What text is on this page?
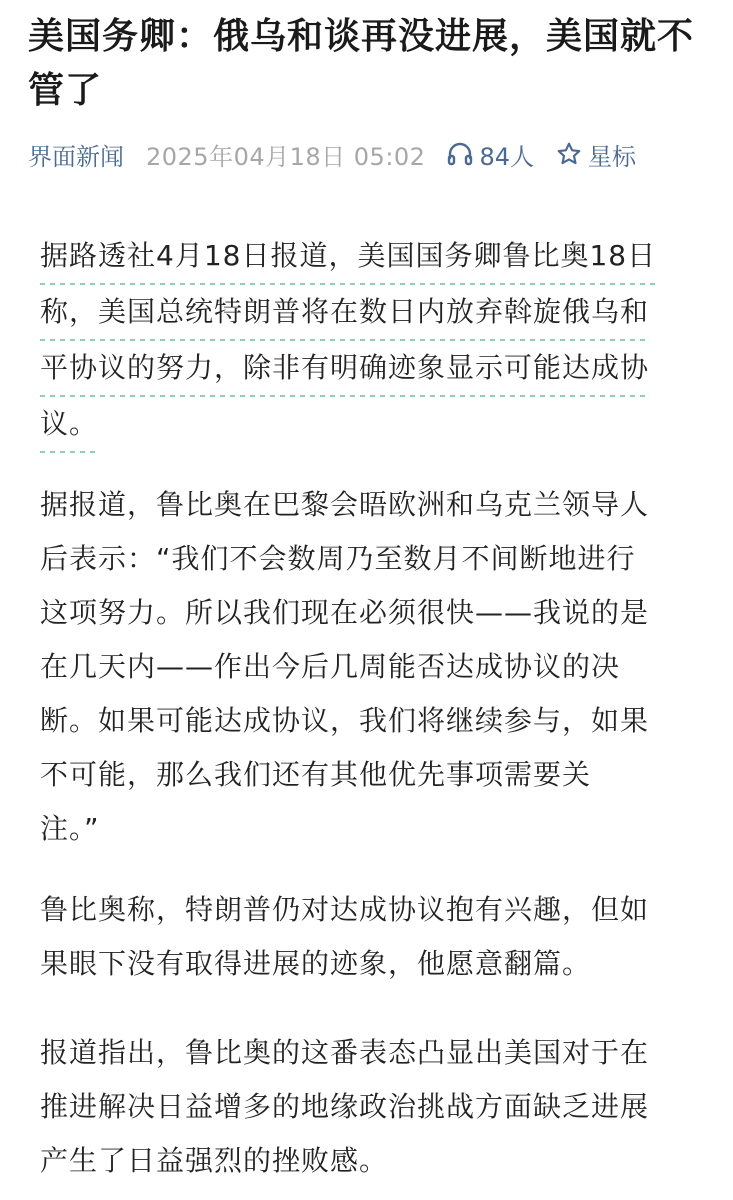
美国务卿：俄乌和谈再没进展，美国就不管了
界面新闻 2025年04月18日 05:02 84人 星标
据路透社4月18日报道，美国国务卿鲁比奥18日
称，美国总统特朗普将在数日内放弃斡旋俄乌和
平协议的努力，除非有明确迹象显示可能达成协
议。
据报道，鲁比奥在巴黎会晤欧洲和乌克兰领导人
后表示：“我们不会数周乃至数月不间断地进行
这项努力。所以我们现在必须很快——我说的是
在几天内——作出今后几周能否达成协议的决
断。如果可能达成协议，我们将继续参与，如果
不可能，那么我们还有其他优先事项需要关
注。”
鲁比奥称，特朗普仍对达成协议抱有兴趣，但如
果眼下没有取得进展的迹象，他愿意翻篇。
报道指出，鲁比奥的这番表态凸显出美国对于在
推进解决日益增多的地缘政治挑战方面缺乏进展
产生了日益强烈的挫败感。
